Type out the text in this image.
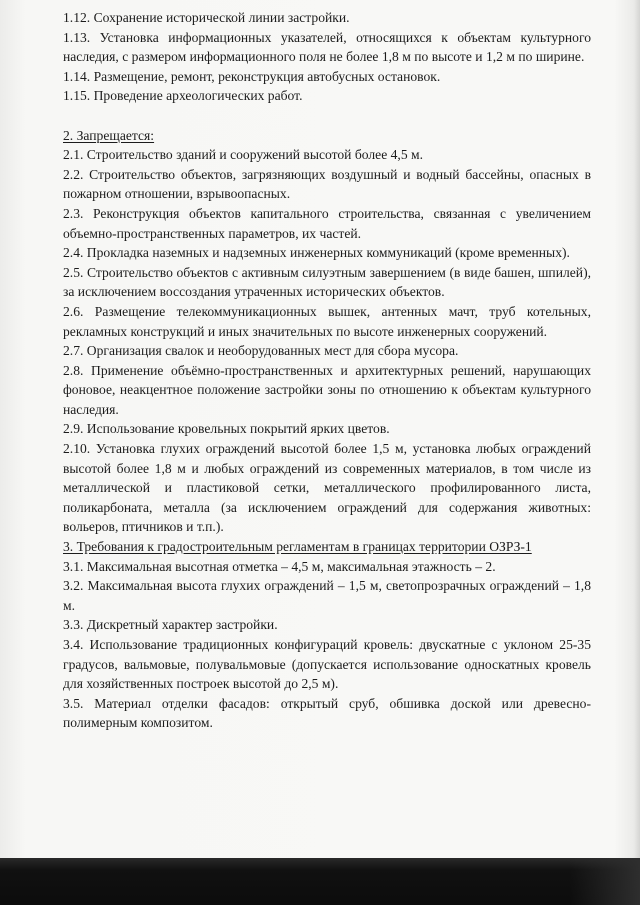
1.12. Сохранение исторической линии застройки.

1.13. Установка информационных указателей, относящихся к объектам культурного наследия, с размером информационного поля не более 1,8 м по высоте и 1,2 м по ширине.

1.14. Размещение, ремонт, реконструкция автобусных остановок.

1.15. Проведение археологических работ.

2. Запрещается:

2.1. Строительство зданий и сооружений высотой более 4,5 м.

2.2. Строительство объектов, загрязняющих воздушный и водный бассейны, опасных в пожарном отношении, взрывоопасных.

2.3. Реконструкция объектов капитального строительства, связанная с увеличением объемно-пространственных параметров, их частей.

2.4. Прокладка наземных и надземных инженерных коммуникаций (кроме временных).

2.5. Строительство объектов с активным силуэтным завершением (в виде башен, шпилей), за исключением воссоздания утраченных исторических объектов.

2.6. Размещение телекоммуникационных вышек, антенных мачт, труб котельных, рекламных конструкций и иных значительных по высоте инженерных сооружений.

2.7. Организация свалок и необорудованных мест для сбора мусора.

2.8. Применение объёмно-пространственных и архитектурных решений, нарушающих фоновое, неакцентное положение застройки зоны по отношению к объектам культурного наследия.

2.9. Использование кровельных покрытий ярких цветов.

2.10. Установка глухих ограждений высотой более 1,5 м, установка любых ограждений высотой более 1,8 м и любых ограждений из современных материалов, в том числе из металлической и пластиковой сетки, металлического профилированного листа, поликарбоната, металла (за исключением ограждений для содержания животных: вольеров, птичников и т.п.).

3. Требования к градостроительным регламентам в границах территории ОЗРЗ-1

3.1. Максимальная высотная отметка – 4,5 м, максимальная этажность – 2.

3.2. Максимальная высота глухих ограждений – 1,5 м, светопрозрачных ограждений – 1,8 м.

3.3. Дискретный характер застройки.

3.4. Использование традиционных конфигураций кровель: двускатные с уклоном 25-35 градусов, вальмовые, полувальмовые (допускается использование односкатных кровель для хозяйственных построек высотой до 2,5 м).

3.5. Материал отделки фасадов: открытый сруб, обшивка доской или древесно-полимерным композитом.
